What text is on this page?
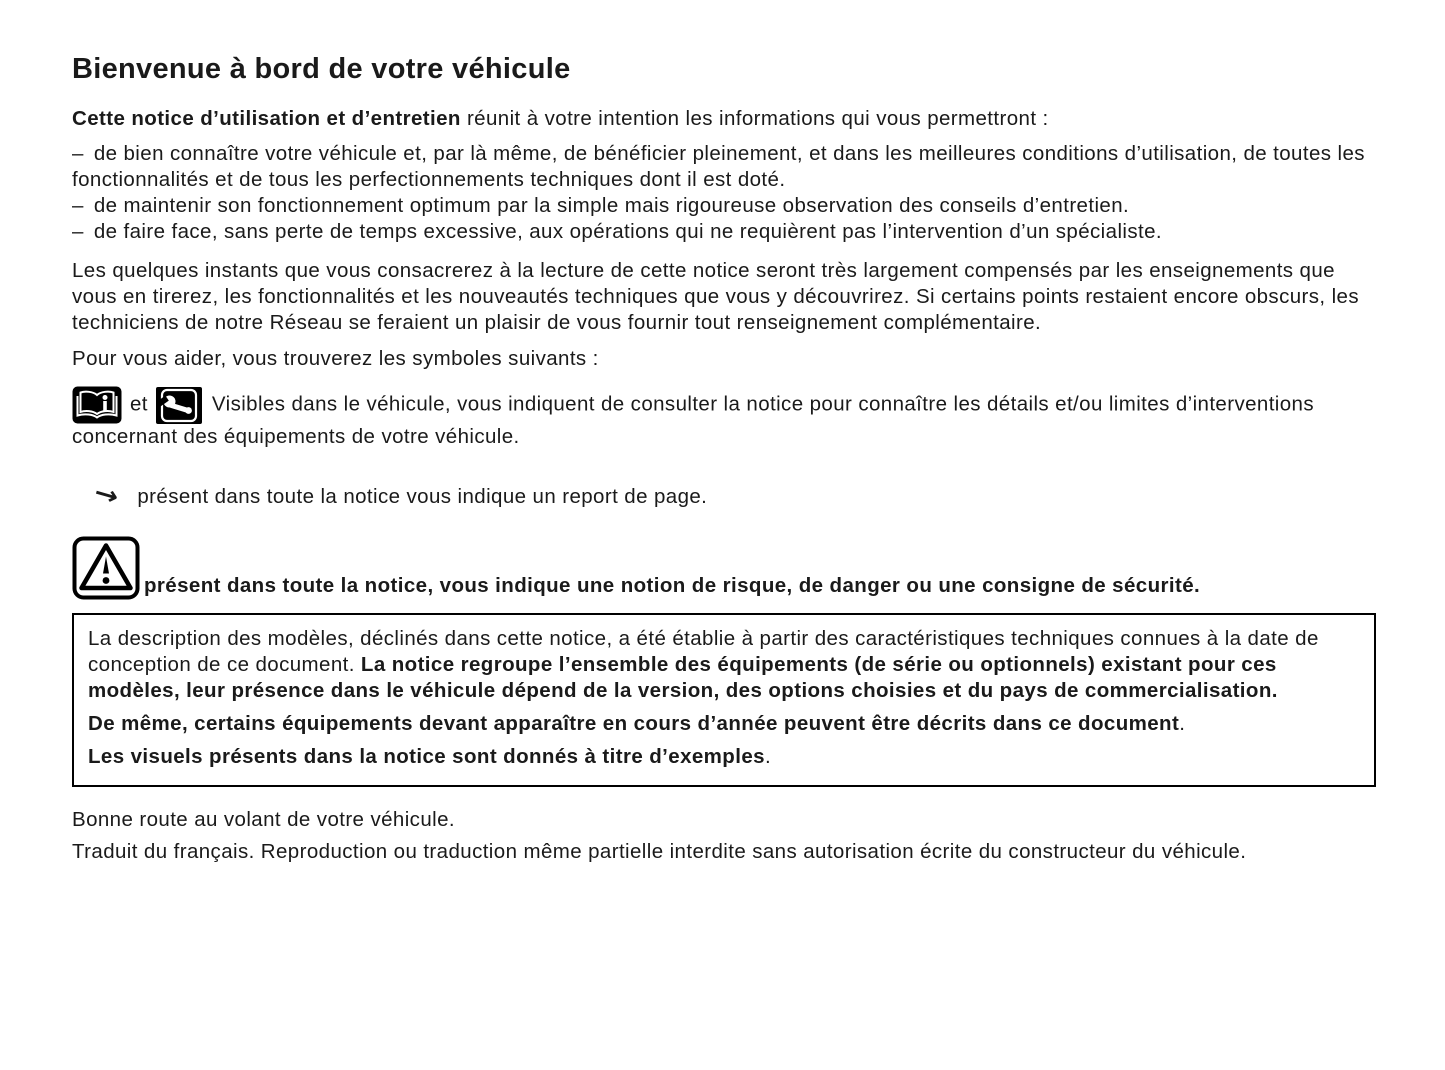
Bienvenue à bord de votre véhicule

Cette notice d’utilisation et d’entretien réunit à votre intention les informations qui vous permettront :

– de bien connaître votre véhicule et, par là même, de bénéficier pleinement, et dans les meilleures conditions d’utilisation, de toutes les fonctionnalités et de tous les perfectionnements techniques dont il est doté.

– de maintenir son fonctionnement optimum par la simple mais rigoureuse observation des conseils d’entretien.

– de faire face, sans perte de temps excessive, aux opérations qui ne requièrent pas l’intervention d’un spécialiste.

Les quelques instants que vous consacrerez à la lecture de cette notice seront très largement compensés par les enseignements que vous en tirerez, les fonctionnalités et les nouveautés techniques que vous y découvrirez. Si certains points restaient encore obscurs, les techniciens de notre Réseau se feraient un plaisir de vous fournir tout renseignement complémentaire.

Pour vous aider, vous trouverez les symboles suivants :

et	Visibles dans le véhicule, vous indiquent de consulter la notice pour connaître les détails et/ou limites d’interventions concernant des équipements de votre véhicule.

→ présent dans toute la notice vous indique un report de page.

présent dans toute la notice, vous indique une notion de risque, de danger ou une consigne de sécurité.

La description des modèles, déclinés dans cette notice, a été établie à partir des caractéristiques techniques connues à la date de conception de ce document. La notice regroupe l’ensemble des équipements (de série ou optionnels) existant pour ces modèles, leur présence dans le véhicule dépend de la version, des options choisies et du pays de commercialisation.

De même, certains équipements devant apparaître en cours d’année peuvent être décrits dans ce document.

Les visuels présents dans la notice sont donnés à titre d’exemples.

Bonne route au volant de votre véhicule.

Traduit du français. Reproduction ou traduction même partielle interdite sans autorisation écrite du constructeur du véhicule.
